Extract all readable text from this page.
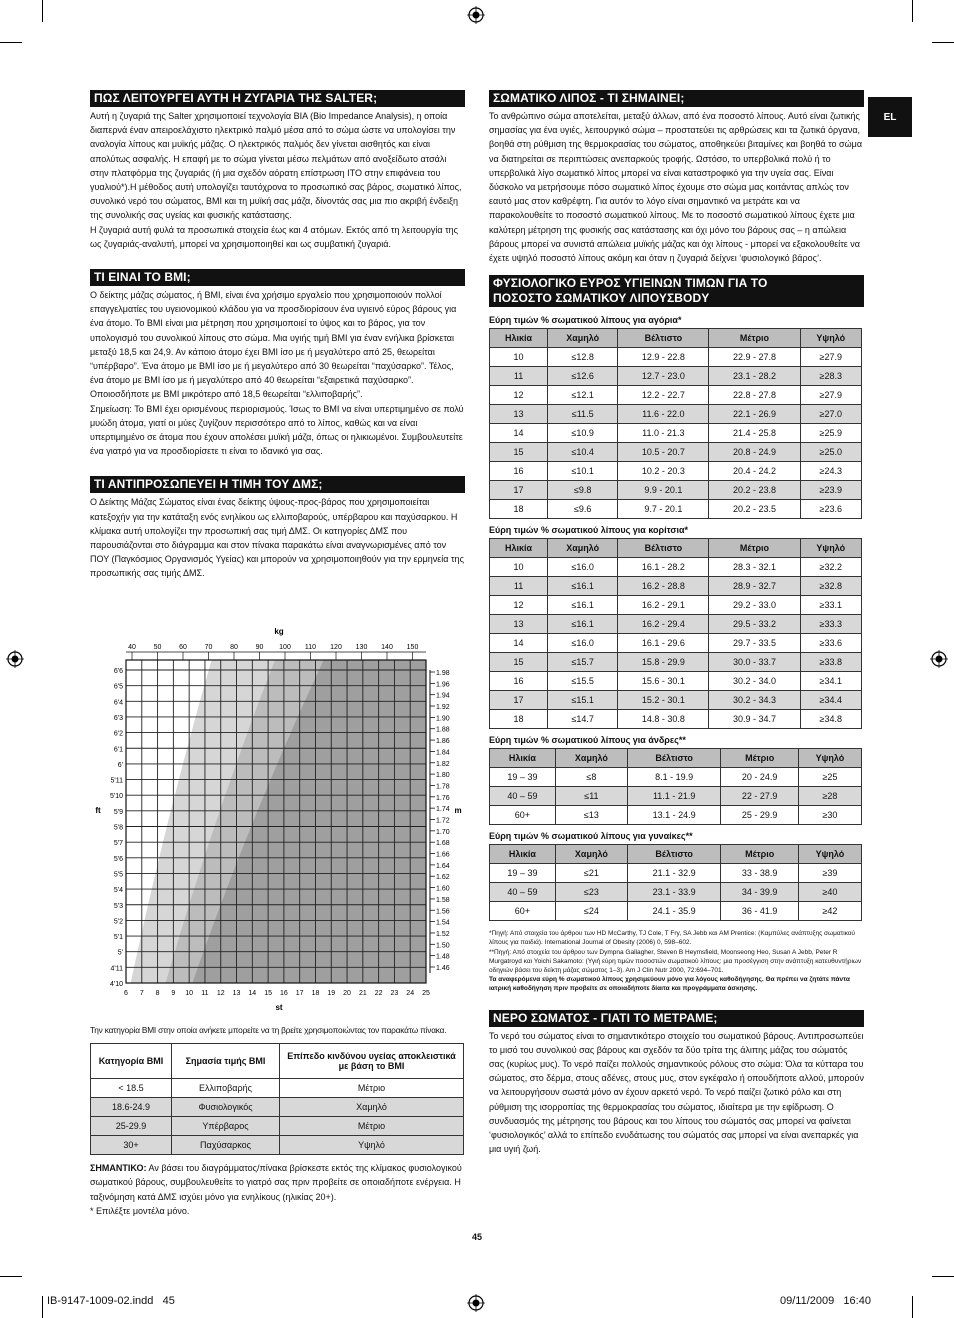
EL
ΠΩΣ ΛΕΙΤΟΥΡΓΕΙ ΑΥΤΗ Η ΖΥΓΑΡΙΑ ΤΗΣ SALTER;

Αυτή η ζυγαριά της Salter χρησιμοποιεί τεχνολογία BIA (Bio Impedance Analysis), η οποία διαπερνά έναν απειροελάχιστο ηλεκτρικό παλμό μέσα από το σώμα ώστε να υπολογίσει την αναλογία λίπους και μυϊκής μάζας. Ο ηλεκτρικός παλμός δεν γίνεται αισθητός και είναι απολύτως ασφαλής. Η επαφή με το σώμα γίνεται μέσω πελμάτων από ανοξείδωτο ατσάλι στην πλατφόρμα της ζυγαριάς (ή μια σχεδόν αόρατη επίστρωση ITO στην επιφάνεια του γυαλιού*).Η μέθοδος αυτή υπολογίζει ταυτόχρονα το προσωπικό σας βάρος, σωματικό λίπος, συνολικό νερό του σώματος, BMI και τη μυϊκή σας μάζα, δίνοντάς σας μια πιο ακριβή ένδειξη της συνολικής σας υγείας και φυσικής κατάστασης.

Η ζυγαριά αυτή φυλά τα προσωπικά στοιχεία έως και 4 ατόμων. Εκτός από τη λειτουργία της ως ζυγαριάς-αναλυτή, μπορεί να χρησιμοποιηθεί και ως συμβατική ζυγαριά.

ΤΙ ΕΙΝΑΙ ΤΟ BMI;

Ο δείκτης μάζας σώματος, ή BMI, είναι ένα χρήσιμο εργαλείο που χρησιμοποιούν πολλοί επαγγελματίες του υγειονομικού κλάδου για να προσδιορίσουν ένα υγιεινό εύρος βάρους για ένα άτομο. Το BMI είναι μια μέτρηση που χρησιμοποιεί το ύψος και το βάρος, για τον υπολογισμό του συνολικού λίπους στο σώμα. Μια υγιής τιμή BMI για έναν ενήλικα βρίσκεται μεταξύ 18,5 και 24,9. Αν κάποιο άτομο έχει BMI ίσο με ή μεγαλύτερο από 25, θεωρείται “υπέρβαρο”. Ένα άτομο με BMI ίσο με ή μεγαλύτερο από 30 θεωρείται “παχύσαρκο”. Τέλος, ένα άτομο με BMI ίσο με ή μεγαλύτερο από 40 θεωρείται “εξαιρετικά παχύσαρκο”. Οποιοσδήποτε με BMI μικρότερο από 18,5 θεωρείται “ελλιποβαρής”.

Σημείωση: Το BMI έχει ορισμένους περιορισμούς. Ίσως το BMI να είναι υπερτιμημένο σε πολύ μυώδη άτομα, γιατί οι μύες ζυγίζουν περισσότερο από το λίπος, καθώς και να είναι υπερτιμημένο σε άτομα που έχουν απολέσει μυϊκή μάζα, όπως οι ηλικιωμένοι. Συμβουλευτείτε ένα γιατρό για να προσδιορίσετε τι είναι το ιδανικό για σας.

ΤΙ ΑΝΤΙΠΡΟΣΩΠΕΥΕΙ Η ΤΙΜΗ ΤΟΥ ΔΜΣ;

Ο Δείκτης Μάζας Σώματος είναι ένας δείκτης ύψους-προς-βάρος που χρησιμοποιείται κατεξοχήν για την κατάταξη ενός ενηλίκου ως ελλιποβαρούς, υπέρβαρου και παχύσαρκου. Η κλίμακα αυτή υπολογίζει την προσωπική σας τιμή ΔΜΣ. Οι κατηγορίες ΔΜΣ που παρουσιάζονται στο διάγραμμα και στον πίνακα παρακάτω είναι αναγνωρισμένες από τον ΠΟΥ (Παγκόσμιος Οργανισμός Υγείας) και μπορούν να χρησιμοποιηθούν για την ερμηνεία της προσωπικής σας τιμής ΔΜΣ.

6'6
6'5
6'4
6'3
6'2
6'1
6'
5'11
5'10
5'9
5'8
5'7
5'6
5'5
5'4
5'3
5'2
5'1
5'
4'11
4'10
1.98
1.96
1.94
1.92
1.90
1.88
1.86
1.84
1.82
1.80
1.78
1.76
1.74
1.72
1.70
1.68
1.66
1.64
1.62
1.60
1.58
1.56
1.54
1.52
1.50
1.48
1.46
6 7 8 9 10 11 12 13 14 15 16 17 18 19 20 21 22 23 24 25
40	50	60	70	80	90 100 110 120 130 140 150
kg
st
ft	m

Την κατηγορία BMI στην οποία ανήκετε μπορείτε να τη βρείτε χρησιμοποιώντας τον παρακάτω πίνακα.

Κατηγορία BMI	Σημασία τιμής BMI	Επίπεδο κινδύνου υγείας αποκλειστικά με βάση το BMI
< 18.5	Ελλιποβαρής	Μέτριο
18.6-24.9	Φυσιολογικός	Χαμηλό
25-29.9	Υπέρβαρος	Μέτριο
30+	Παχύσαρκος	Υψηλό

ΣΗΜΑΝΤΙΚΟ: Αν βάσει του διαγράμματος/πίνακα βρίσκεστε εκτός της κλίμακος φυσιολογικού σωματικού βάρους, συμβουλευθείτε το γιατρό σας πριν προβείτε σε οποιαδήποτε ενέργεια. Η ταξινόμηση κατά ΔΜΣ ισχύει μόνο για ενηλίκους (ηλικίας 20+).

* Επιλέξτε μοντέλα μόνο.

ΣΩΜΑΤΙΚΟ ΛΙΠΟΣ - ΤΙ ΣΗΜΑΙΝΕΙ;

Το ανθρώπινο σώμα αποτελείται, μεταξύ άλλων, από ένα ποσοστό λίπους. Αυτό είναι ζωτικής σημασίας για ένα υγιές, λειτουργικό σώμα – προστατεύει τις αρθρώσεις και τα ζωτικά όργανα, βοηθά στη ρύθμιση της θερμοκρασίας του σώματος, αποθηκεύει βιταμίνες και βοηθά το σώμα να διατηρείται σε περιπτώσεις ανεπαρκούς τροφής. Ωστόσο, το υπερβολικά πολύ ή το υπερβολικά λίγο σωματικό λίπος μπορεί να είναι καταστροφικό για την υγεία σας. Είναι δύσκολο να μετρήσουμε πόσο σωματικό λίπος έχουμε στο σώμα μας κοιτάντας απλώς τον εαυτό μας στον καθρέφτη. Για αυτόν το λόγο είναι σημαντικό να μετράτε και να παρακολουθείτε το ποσοστό σωματικού λίπους. Με το ποσοστό σωματικού λίπους έχετε μια καλύτερη μέτρηση της φυσικής σας κατάστασης και όχι μόνο του βάρους σας – η απώλεια βάρους μπορεί να συνιστά απώλεια μυϊκής μάζας και όχι λίπους - μπορεί να εξακολουθείτε να έχετε υψηλό ποσοστό λίπους ακόμη και όταν η ζυγαριά δείχνει ‘φυσιολογικό βάρος’.

ΦΥΣΙΟΛΟΓΙΚΟ ΕΥΡΟΣ ΥΓΙΕΙΝΩΝ ΤΙΜΩΝ ΓΙΑ ΤΟ
ΠΟΣΟΣΤΟ ΣΩΜΑΤΙΚΟΥ ΛΙΠΟΥΣBODY
Εύρη τιμών % σωματικού λίπους για αγόρια*
Ηλικία	Χαμηλό	Βέλτιστο	Μέτριο	Υψηλό
10	≤12.8	12.9 - 22.8	22.9 - 27.8	≥27.9
11	≤12.6	12.7 - 23.0	23.1 - 28.2	≥28.3
12	≤12.1	12.2 - 22.7	22.8 - 27.8	≥27.9
13	≤11.5	11.6 - 22.0	22.1 - 26.9	≥27.0
14	≤10.9	11.0 - 21.3	21.4 - 25.8	≥25.9
15	≤10.4	10.5 - 20.7	20.8 - 24.9	≥25.0
16	≤10.1	10.2 - 20.3	20.4 - 24.2	≥24.3
17	≤9.8	9.9 - 20.1	20.2 - 23.8	≥23.9
18	≤9.6	9.7 - 20.1	20.2 - 23.5	≥23.6
Εύρη τιμών % σωματικού λίπους για κορίτσια*
Ηλικία	Χαμηλό	Βέλτιστο	Μέτριο	Υψηλό
10	≤16.0	16.1 - 28.2	28.3 - 32.1	≥32.2
11	≤16.1	16.2 - 28.8	28.9 - 32.7	≥32.8
12	≤16.1	16.2 - 29.1	29.2 - 33.0	≥33.1
13	≤16.1	16.2 - 29.4	29.5 - 33.2	≥33.3
14	≤16.0	16.1 - 29.6	29.7 - 33.5	≥33.6
15	≤15.7	15.8 - 29.9	30.0 - 33.7	≥33.8
16	≤15.5	15.6 - 30.1	30.2 - 34.0	≥34.1
17	≤15.1	15.2 - 30.1	30.2 - 34.3	≥34.4
18	≤14.7	14.8 - 30.8	30.9 - 34.7	≥34.8
Εύρη τιμών % σωματικού λίπους για άνδρες**
Ηλικία	Χαμηλό	Βέλτιστο	Μέτριο	Υψηλό
19 – 39	≤8	8.1 - 19.9	20 - 24.9	≥25
40 – 59	≤11	11.1 - 21.9	22 - 27.9	≥28
60+	≤13	13.1 - 24.9	25 - 29.9	≥30
Εύρη τιμών % σωματικού λίπους για γυναίκες**
Ηλικία	Χαμηλό	Βέλτιστο	Μέτριο	Υψηλό
19 – 39	≤21	21.1 - 32.9	33 - 38.9	≥39
40 – 59	≤23	23.1 - 33.9	34 - 39.9	≥40
60+	≤24	24.1 - 35.9	36 - 41.9	≥42

*Πηγή: Από στοιχεία του άρθρου των HD McCarthy, TJ Cole, T Fry, SA Jebb και AM Prentice: (Καμπύλες ανάπτυξης σωματικού λίπους για παιδιά). International Journal of Obesity (2006) 0, 598–602.

**Πηγή: Από στοιχεία του άρθρου των Dympna Gallagher, Steven B Heymsfield, Moonseong Heo, Susan A Jebb, Peter R Murgatroyd και Yoichi Sakamoto: (Υγιή εύρη τιμών ποσοστών σωματικού λίπους: μια προσέγγιση στην ανάπτυξη κατευθυντήριων οδηγιών βάσει του δείκτη μάζας σώματος 1–3). Am J Clin Nutr 2000, 72:694–701.

Τα αναφερόμενα εύρη % σωματικού λίπους χρησιμεύουν μόνο για λόγους καθοδήγησης. Θα πρέπει να ζητάτε πάντα ιατρική καθοδήγηση πριν προβείτε σε οποιαδήποτε δίαιτα και προγράμματα άσκησης.

ΝΕΡΟ ΣΩΜΑΤΟΣ - ΓΙΑΤΙ ΤΟ ΜΕΤΡΑΜΕ;

Το νερό του σώματος είναι το σημαντικότερο στοιχείο του σωματικού βάρους. Αντιπροσωπεύει το μισό του συνολικού σας βάρους και σχεδόν τα δύο τρίτα της άλιπης μάζας του σώματός σας (κυρίως μυς). Το νερό παίζει πολλούς σημαντικούς ρόλους στο σώμα: Όλα τα κύτταρα του σώματος, στο δέρμα, στους αδένες, στους μυς, στον εγκέφαλο ή οπουδήποτε αλλού, μπορούν να λειτουργήσουν σωστά μόνο αν έχουν αρκετό νερό. Το νερό παίζει ζωτικό ρόλο και στη ρύθμιση της ισορροπίας της θερμοκρασίας του σώματος, ιδιαίτερα με την εφίδρωση. Ο συνδυασμός της μέτρησης του βάρους και του λίπους του σώματός σας μπορεί να φαίνεται ‘φυσιολογικός’ αλλά το επίπεδο ενυδάτωσης του σώματός σας μπορεί να είναι ανεπαρκές για μια υγιή ζωή.

45
IB-9147-1009-02.indd   45	09/11/2009   16:40
